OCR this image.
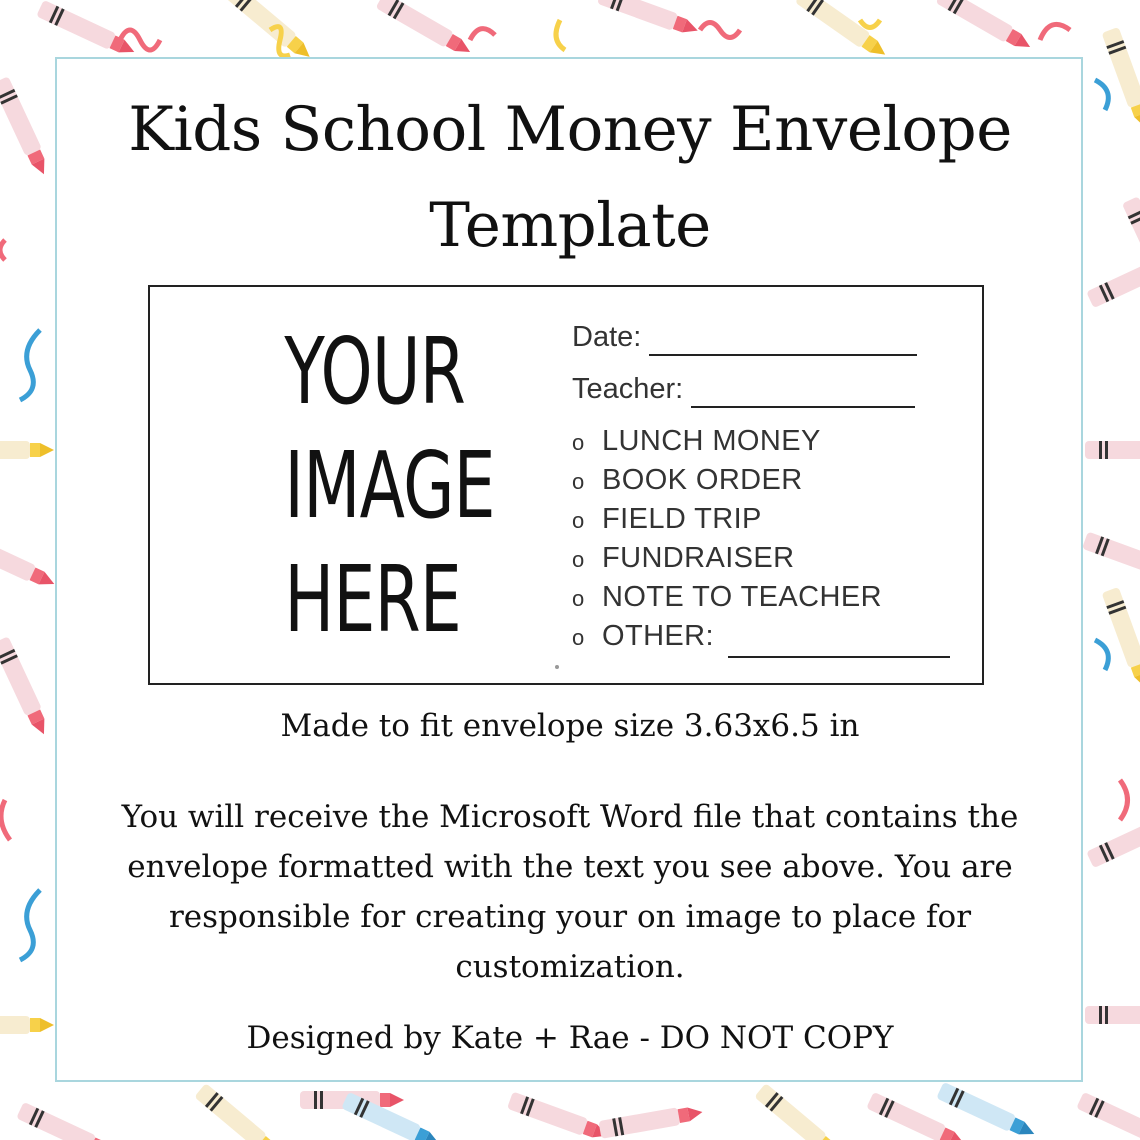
Kids School Money Envelope Template
YOUR
IMAGE
HERE
Date:
Teacher:
o LUNCH MONEY
o BOOK ORDER
o FIELD TRIP
o FUNDRAISER
o NOTE TO TEACHER
o OTHER:

Made to fit envelope size 3.63x6.5 in

You will receive the Microsoft Word file that contains the envelope formatted with the text you see above. You are responsible for creating your on image to place for customization.

Designed by Kate + Rae - DO NOT COPY
